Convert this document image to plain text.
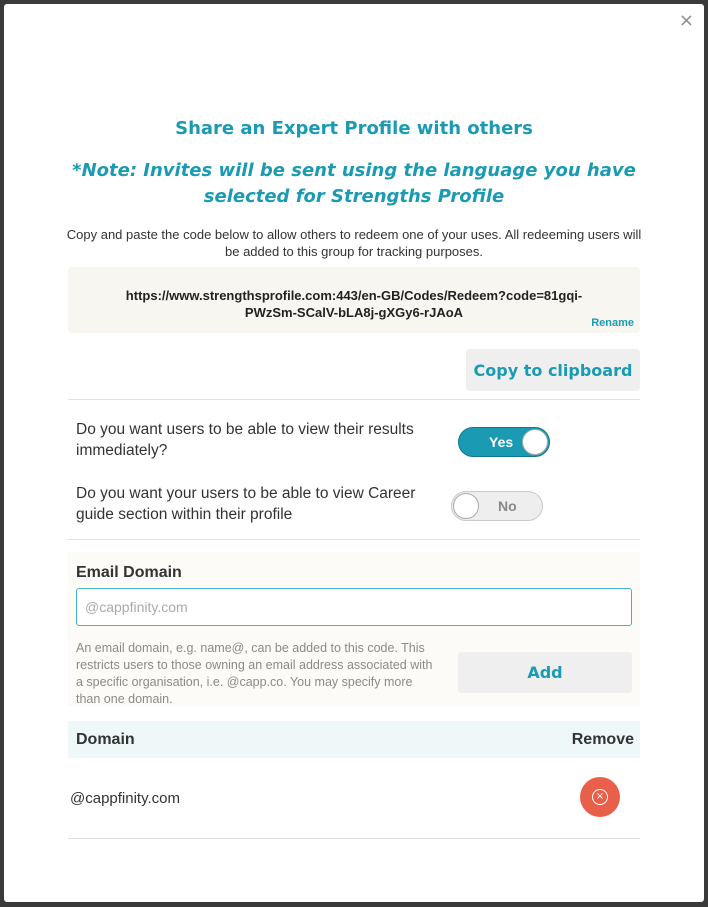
×
Share an Expert Profile with others
*Note: Invites will be sent using the language you have
selected for Strengths Profile
Copy and paste the code below to allow others to redeem one of your uses. All redeeming users will be added to this group for tracking purposes.
https://www.strengthsprofile.com:443/en-GB/Codes/Redeem?code=81gqi-
PWzSm-SCalV-bLA8j-gXGy6-rJAoA
Rename
Copy to clipboard
Do you want users to be able to view their results immediately?	Yes
Do you want your users to be able to view Career guide section within their profile	No
Email Domain
@cappfinity.com
An email domain, e.g. name@, can be added to this code. This restricts users to those owning an email address associated with a specific organisation, i.e. @capp.co. You may specify more than one domain.
Add
Domain	Remove
@cappfinity.com	×
